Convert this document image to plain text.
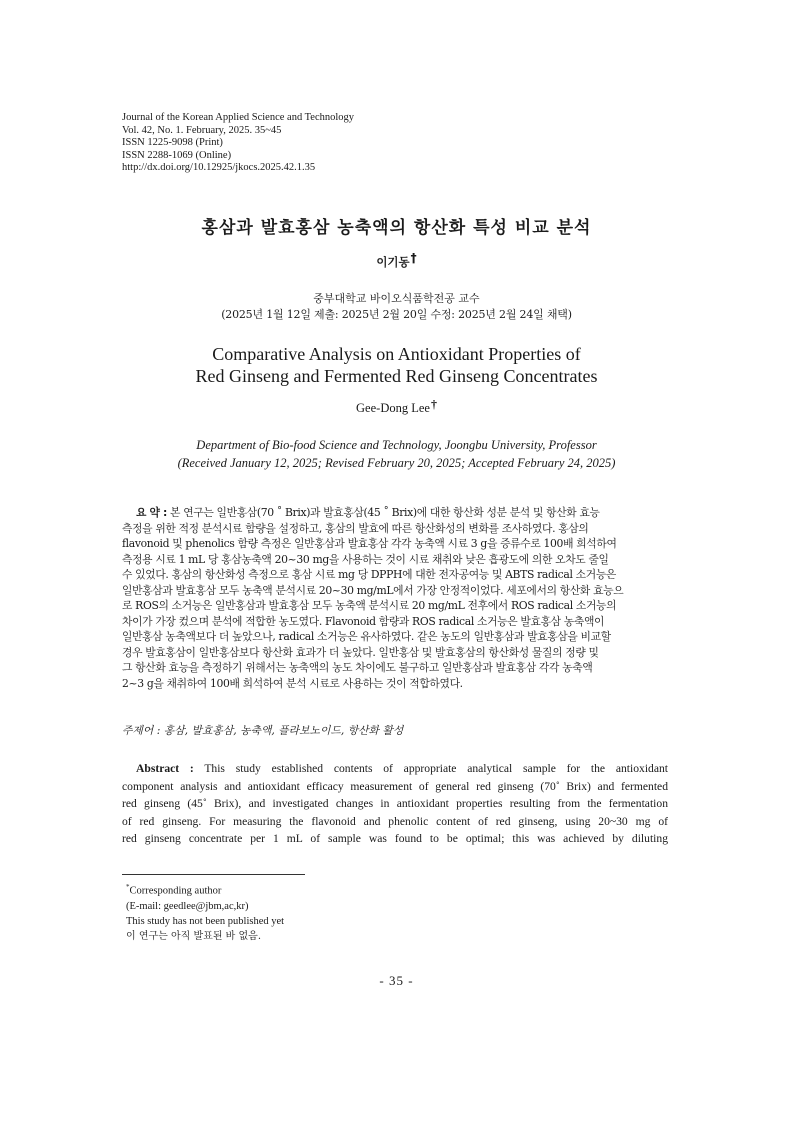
Journal of the Korean Applied Science and Technology
Vol. 42, No. 1. February, 2025. 35~45
ISSN 1225-9098 (Print)
ISSN 2288-1069 (Online)
http://dx.doi.org/10.12925/jkocs.2025.42.1.35
홍삼과 발효홍삼 농축액의 항산화 특성 비교 분석
이기동†
중부대학교 바이오식품학전공 교수
(2025년 1월 12일 제출: 2025년 2월 20일 수정: 2025년 2월 24일 채택)
Comparative Analysis on Antioxidant Properties of
Red Ginseng and Fermented Red Ginseng Concentrates
Gee-Dong Lee†
Department of Bio-food Science and Technology, Joongbu University, Professor
(Received January 12, 2025; Revised February 20, 2025; Accepted February 24, 2025)
요 약 : 본 연구는 일반홍삼(70 ˚ Brix)과 발효홍삼(45 ˚ Brix)에 대한 항산화 성분 분석 및 항산화 효능
측정을 위한 적정 분석시료 함량을 설정하고, 홍삼의 발효에 따른 항산화성의 변화를 조사하였다. 홍삼의
flavonoid 및 phenolics 함량 측정은 일반홍삼과 발효홍삼 각각 농축액 시료 3 g을 증류수로 100배 희석하여
측정용 시료 1 mL 당 홍삼농축액 20~30 mg을 사용하는 것이 시료 채취와 낮은 흡광도에 의한 오차도 줄일
수 있었다. 홍삼의 항산화성 측정으로 홍삼 시료 mg 당 DPPH에 대한 전자공여능 및 ABTS radical 소거능은
일반홍삼과 발효홍삼 모두 농축액 분석시료 20~30 mg/mL에서 가장 안정적이었다. 세포에서의 항산화 효능으
로 ROS의 소거능은 일반홍삼과 발효홍삼 모두 농축액 분석시료 20 mg/mL 전후에서 ROS radical 소거능의
차이가 가장 컸으며 분석에 적합한 농도였다. Flavonoid 함량과 ROS radical 소거능은 발효홍삼 농축액이
일반홍삼 농축액보다 더 높았으나, radical 소거능은 유사하였다. 같은 농도의 일반홍삼과 발효홍삼을 비교할
경우 발효홍삼이 일반홍삼보다 항산화 효과가 더 높았다. 일반홍삼 및 발효홍삼의 항산화성 물질의 정량 및
그 항산화 효능을 측정하기 위해서는 농축액의 농도 차이에도 불구하고 일반홍삼과 발효홍삼 각각 농축액
2~3 g을 채취하여 100배 희석하여 분석 시료로 사용하는 것이 적합하였다.
주제어 : 홍삼, 발효홍삼, 농축액, 플라보노이드, 항산화 활성
Abstract : This study established contents of appropriate analytical sample for the antioxidant
component analysis and antioxidant efficacy measurement of general red ginseng (70˚ Brix) and fermented
red ginseng (45˚ Brix), and investigated changes in antioxidant properties resulting from the fermentation
of red ginseng. For measuring the flavonoid and phenolic content of red ginseng, using 20~30 mg of
red ginseng concentrate per 1 mL of sample was found to be optimal; this was achieved by diluting
*Corresponding author
(E-mail: geedlee@jbm,ac,kr)
This study has not been published yet
이 연구는 아직 발표된 바 없음.
- 35 -
